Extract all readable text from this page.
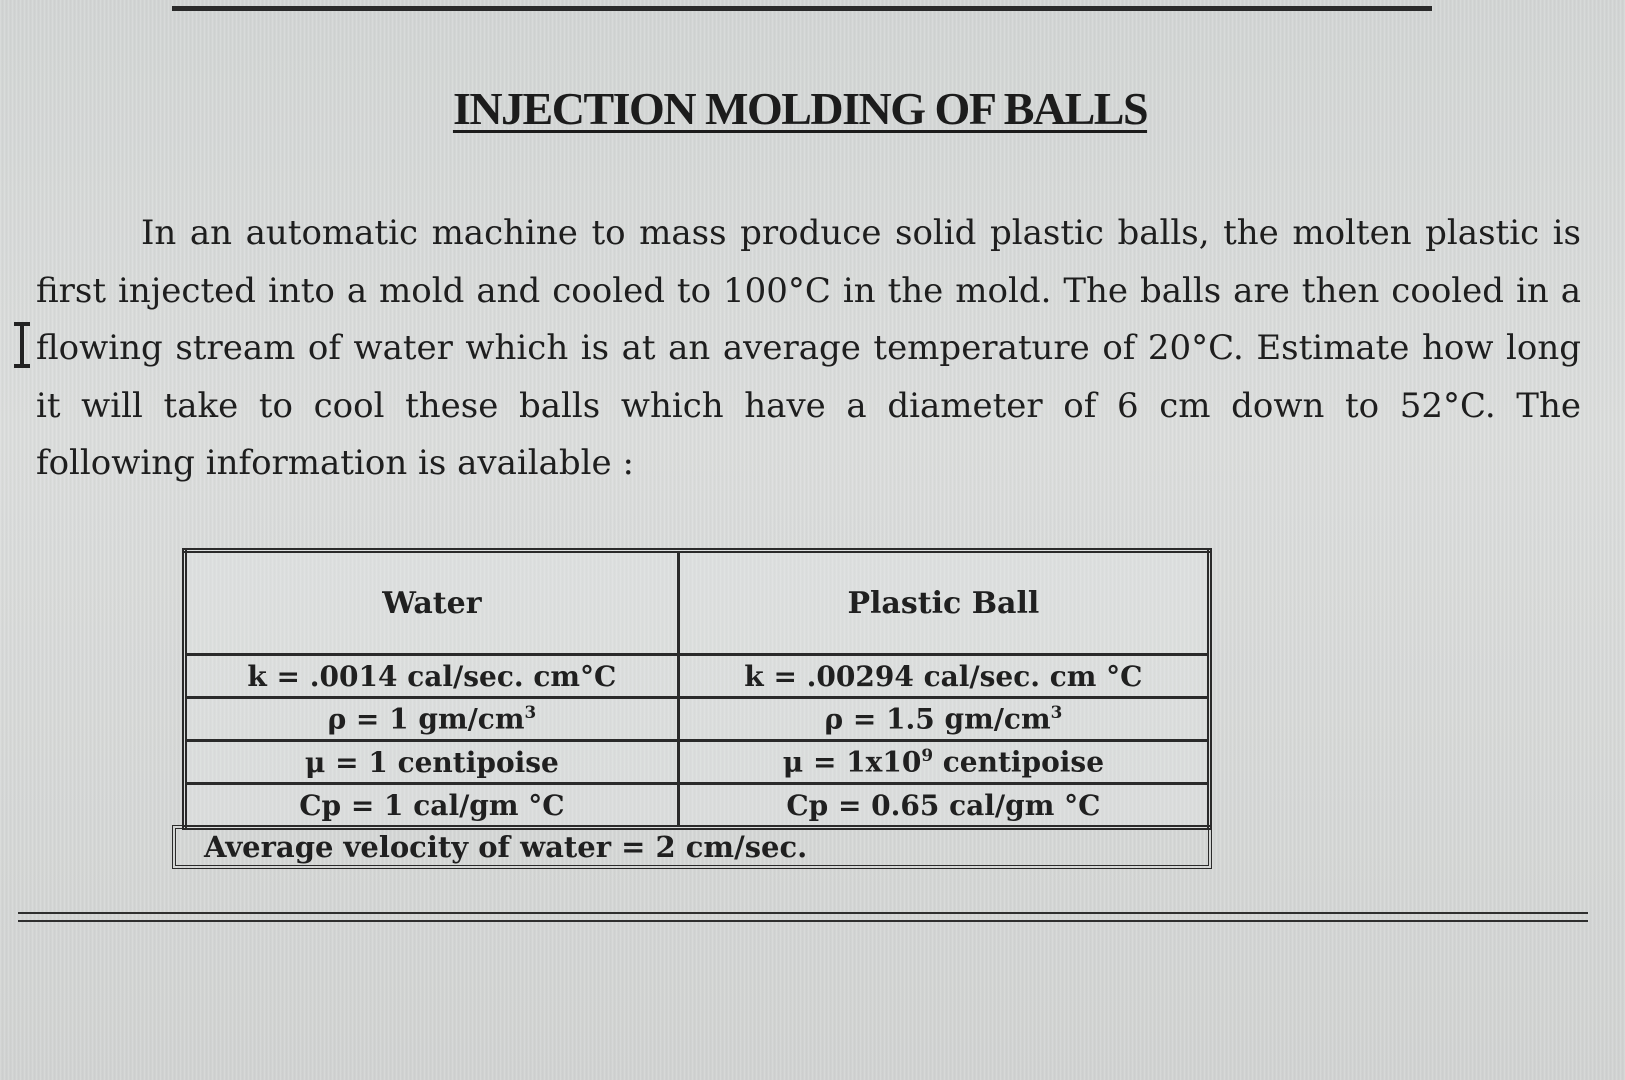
INJECTION MOLDING OF BALLS
In an automatic machine to mass produce solid plastic balls, the molten plastic is first injected into a mold and cooled to 100°C in the mold. The balls are then cooled in a flowing stream of water which is at an average temperature of 20°C. Estimate how long it will take to cool these balls which have a diameter of 6 cm down to 52°C. The following information is available :
Water	Plastic Ball
k = .0014 cal/sec. cm°C	k = .00294 cal/sec. cm °C
ρ = 1 $gm/cm^3$	ρ = 1.5 $gm/cm^3$
μ = 1 centipoise	$\mu = 1x10^9$ centipoise
Cp = 1 cal/gm °C	Cp = 0.65 cal/gm °C
Average velocity of water = 2 cm/sec.
